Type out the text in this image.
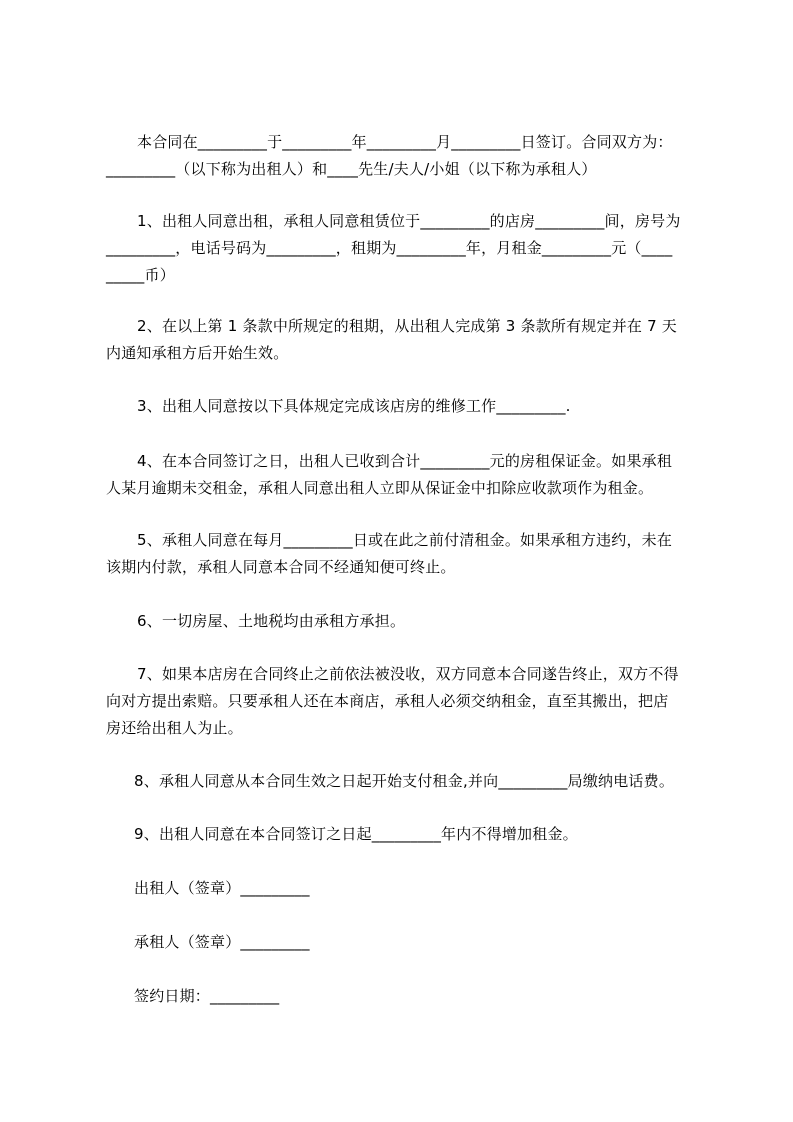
本合同在_________于_________年_________月_________日签订。合同双方为：
_________（以下称为出租人）和____先生/夫人/小姐（以下称为承租人）
1、出租人同意出租，承租人同意租赁位于_________的店房_________间，房号为
_________，电话号码为_________，租期为_________年，月租金_________元（____
_____币）
2、在以上第 1 条款中所规定的租期，从出租人完成第 3 条款所有规定并在 7 天
内通知承租方后开始生效。
3、出租人同意按以下具体规定完成该店房的维修工作_________.
4、在本合同签订之日，出租人已收到合计_________元的房租保证金。如果承租
人某月逾期未交租金，承租人同意出租人立即从保证金中扣除应收款项作为租金。
5、承租人同意在每月_________日或在此之前付清租金。如果承租方违约，未在
该期内付款，承租人同意本合同不经通知便可终止。
6、一切房屋、土地税均由承租方承担。
7、如果本店房在合同终止之前依法被没收，双方同意本合同遂告终止，双方不得
向对方提出索赔。只要承租人还在本商店，承租人必须交纳租金，直至其搬出，把店
房还给出租人为止。
8、承租人同意从本合同生效之日起开始支付租金,并向_________局缴纳电话费。
9、出租人同意在本合同签订之日起_________年内不得增加租金。
出租人（签章）_________
承租人（签章）_________
签约日期：_________
